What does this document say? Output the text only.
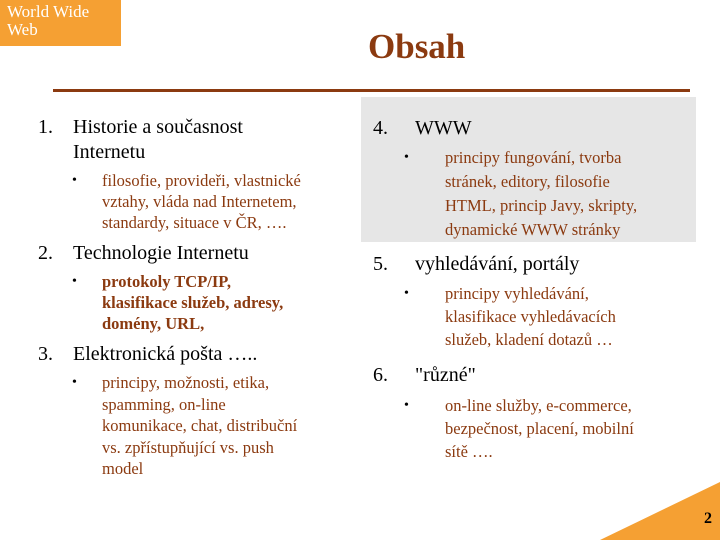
World Wide
Web	Obsah
1. Historie a současnost
Internetu
• filosofie, provideři, vlastnické
vztahy, vláda nad Internetem,
standardy, situace v ČR, ….
2. Technologie Internetu
• protokoly TCP/IP,
klasifikace služeb, adresy,
domény, URL,
3. Elektronická pošta …..
• principy, možnosti, etika,
spamming, on-line
komunikace, chat, distribuční
vs. zpřístupňující vs. push
model
4. WWW
• principy fungování, tvorba
stránek, editory, filosofie
HTML, princip Javy, skripty,
dynamické WWW stránky
5. vyhledávání, portály
• principy vyhledávání,
klasifikace vyhledávacích
služeb, kladení dotazů …
6. "různé"
• on-line služby, e-commerce,
bezpečnost, placení, mobilní
sítě ….
2
